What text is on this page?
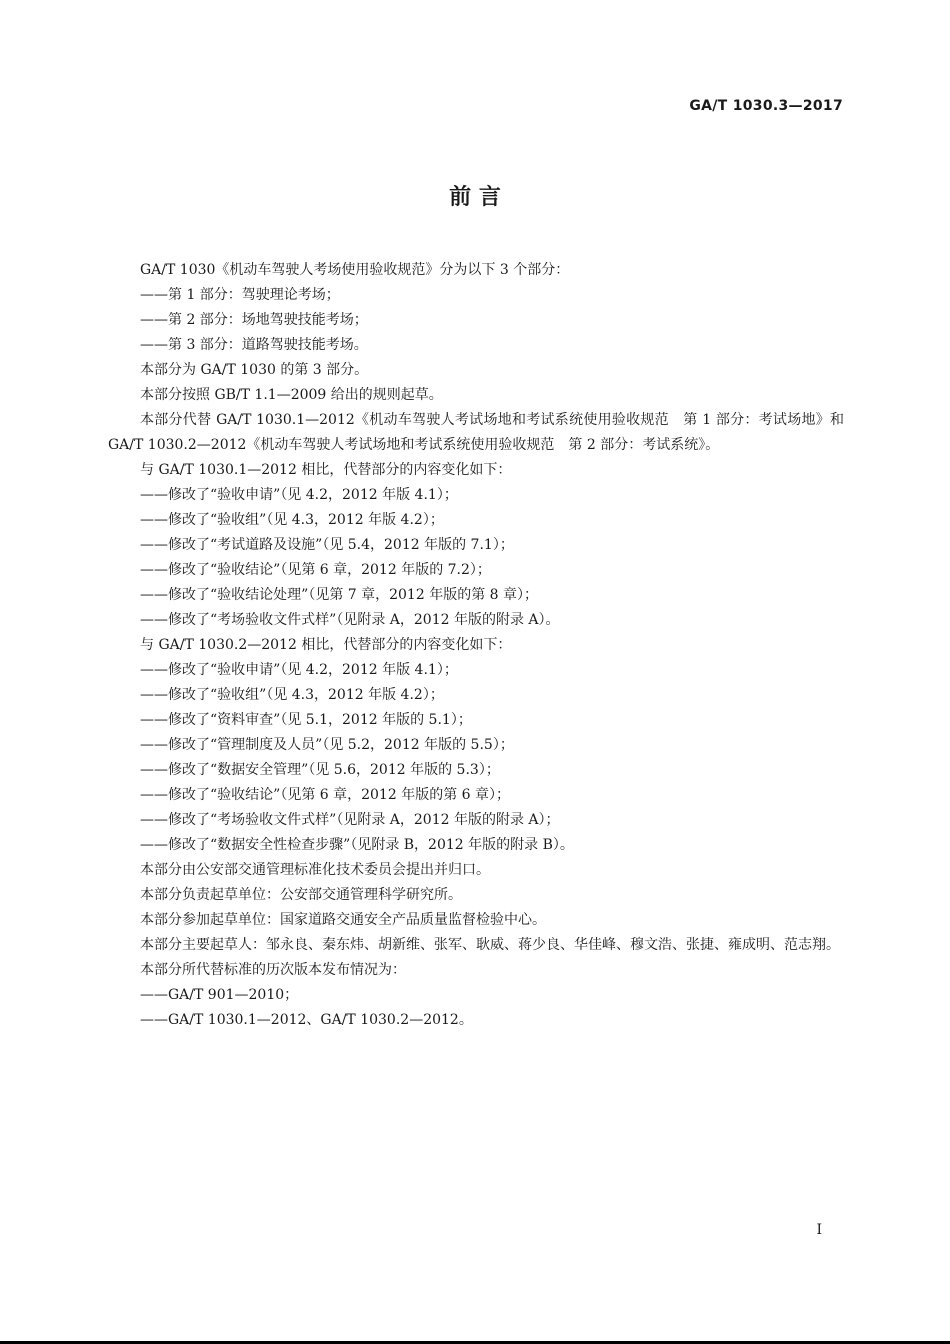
GA/T 1030.3—2017
前 言

GA/T 1030《机动车驾驶人考场使用验收规范》分为以下 3 个部分：

——第 1 部分：驾驶理论考场；

——第 2 部分：场地驾驶技能考场；

——第 3 部分：道路驾驶技能考场。

本部分为 GA/T 1030 的第 3 部分。

本部分按照 GB/T 1.1—2009 给出的规则起草。

本部分代替 GA/T 1030.1—2012《机动车驾驶人考试场地和考试系统使用验收规范　第 1 部分：考试场地》和 GA/T 1030.2—2012《机动车驾驶人考试场地和考试系统使用验收规范　第 2 部分：考试系统》。

与 GA/T 1030.1—2012 相比，代替部分的内容变化如下：

——修改了“验收申请”（见 4.2，2012 年版 4.1）；

——修改了“验收组”（见 4.3，2012 年版 4.2）；

——修改了“考试道路及设施”（见 5.4，2012 年版的 7.1）；

——修改了“验收结论”（见第 6 章，2012 年版的 7.2）；

——修改了“验收结论处理”（见第 7 章，2012 年版的第 8 章）；

——修改了“考场验收文件式样”（见附录 A，2012 年版的附录 A）。

与 GA/T 1030.2—2012 相比，代替部分的内容变化如下：

——修改了“验收申请”（见 4.2，2012 年版 4.1）；

——修改了“验收组”（见 4.3，2012 年版 4.2）；

——修改了“资料审查”（见 5.1，2012 年版的 5.1）；

——修改了“管理制度及人员”（见 5.2，2012 年版的 5.5）；

——修改了“数据安全管理”（见 5.6，2012 年版的 5.3）；

——修改了“验收结论”（见第 6 章，2012 年版的第 6 章）；

——修改了“考场验收文件式样”（见附录 A，2012 年版的附录 A）；

——修改了“数据安全性检查步骤”（见附录 B，2012 年版的附录 B）。

本部分由公安部交通管理标准化技术委员会提出并归口。

本部分负责起草单位：公安部交通管理科学研究所。

本部分参加起草单位：国家道路交通安全产品质量监督检验中心。

本部分主要起草人：邹永良、秦东炜、胡新维、张军、耿威、蒋少良、华佳峰、穆文浩、张捷、雍成明、范志翔。

本部分所代替标准的历次版本发布情况为：

——GA/T 901—2010；

——GA/T 1030.1—2012、GA/T 1030.2—2012。

I
